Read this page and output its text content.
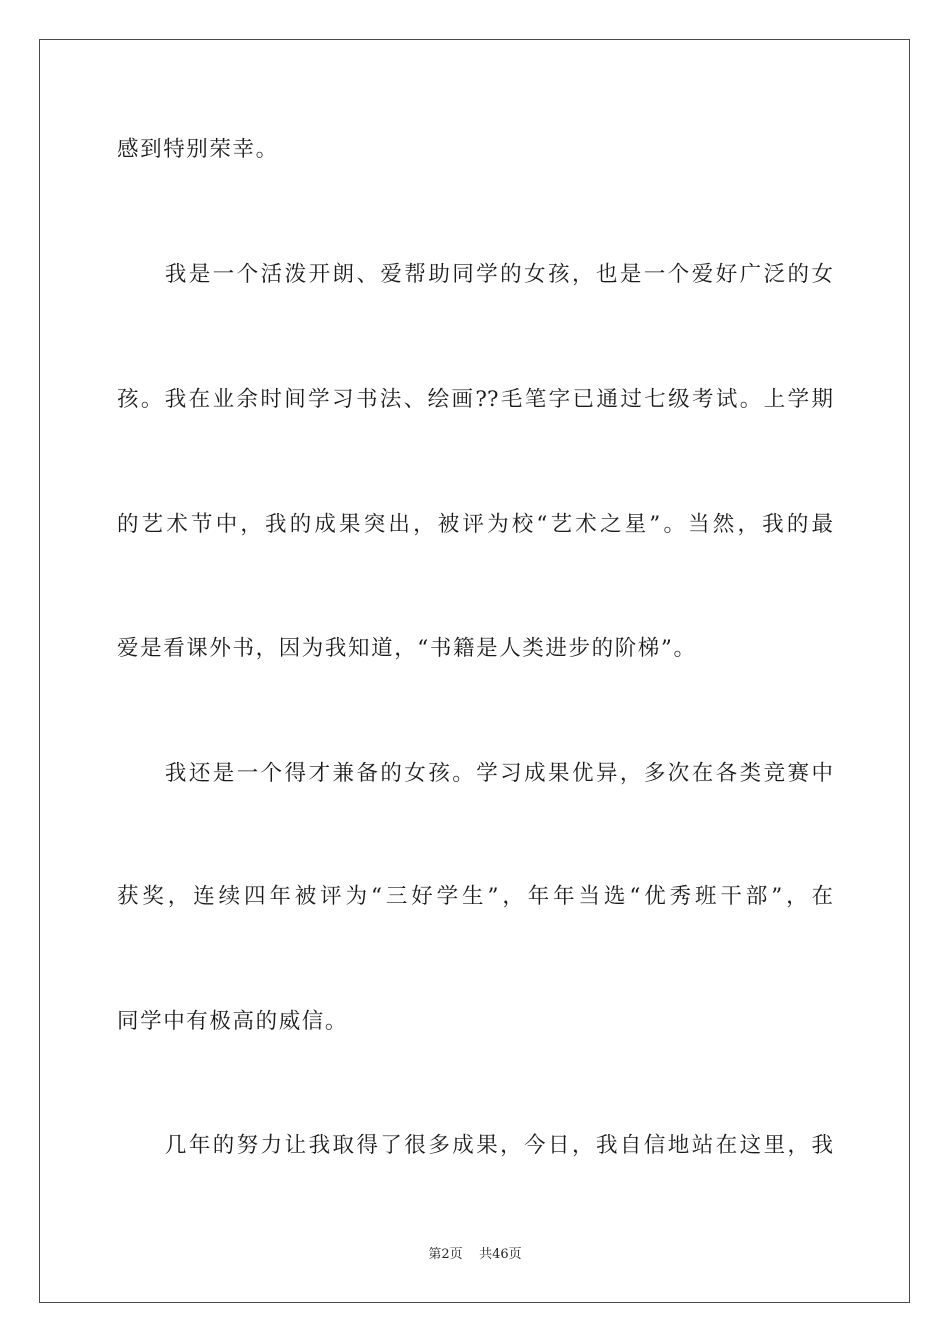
感到特别荣幸。
　　我是一个活泼开朗、爱帮助同学的女孩，也是一个爱好广泛的女
孩。我在业余时间学习书法、绘画??毛笔字已通过七级考试。上学期
的艺术节中，我的成果突出，被评为校“艺术之星”。当然，我的最
爱是看课外书，因为我知道，“书籍是人类进步的阶梯”。
　　我还是一个得才兼备的女孩。学习成果优异，多次在各类竞赛中
获奖，连续四年被评为“三好学生”，年年当选“优秀班干部”，在
同学中有极高的威信。
　　几年的努力让我取得了很多成果，今日，我自信地站在这里，我
第2页 共46页
